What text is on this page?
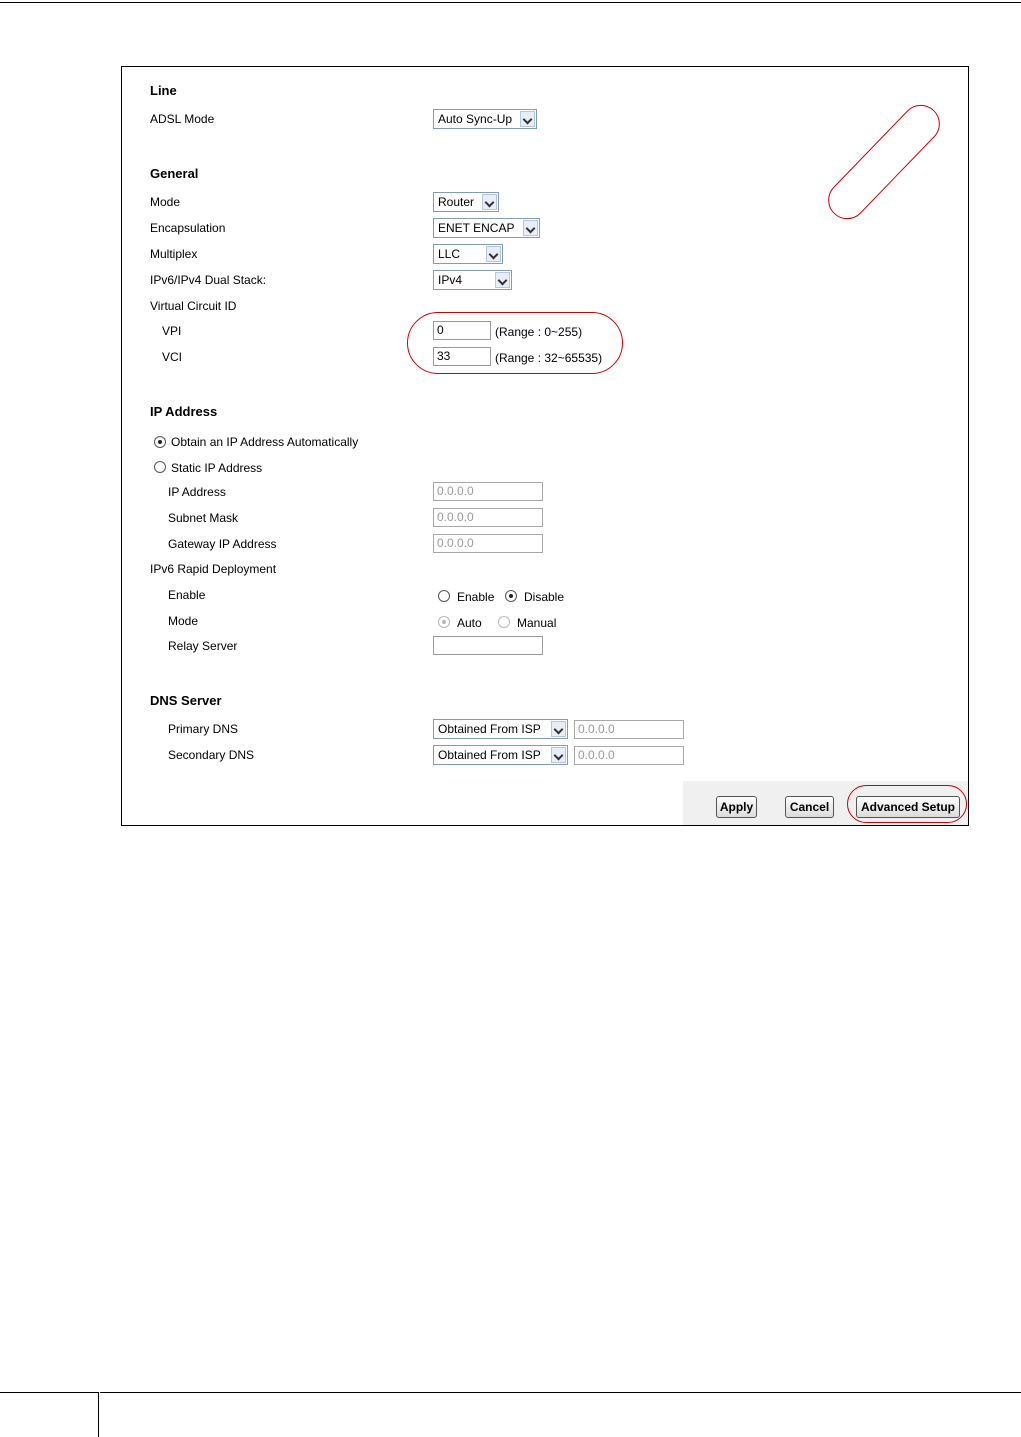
Line
ADSL Mode	Auto Sync-Up
General
Mode	Router
Encapsulation	ENET ENCAP
Multiplex	LLC
IPv6/IPv4 Dual Stack:	IPv4
Virtual Circuit ID
VPI	0	(Range : 0~255)
VCI	33	(Range : 32~65535)
IP Address
Obtain an IP Address Automatically
Static IP Address
IP Address	0.0.0.0
Subnet Mask	0.0.0.0
Gateway IP Address	0.0.0.0
IPv6 Rapid Deployment
Enable	Enable Disable
Mode	Auto	Manual
Relay Server
DNS Server
Primary DNS	Obtained From ISP	0.0.0.0
Secondary DNS	Obtained From ISP	0.0.0.0
Apply	Cancel	Advanced Setup
